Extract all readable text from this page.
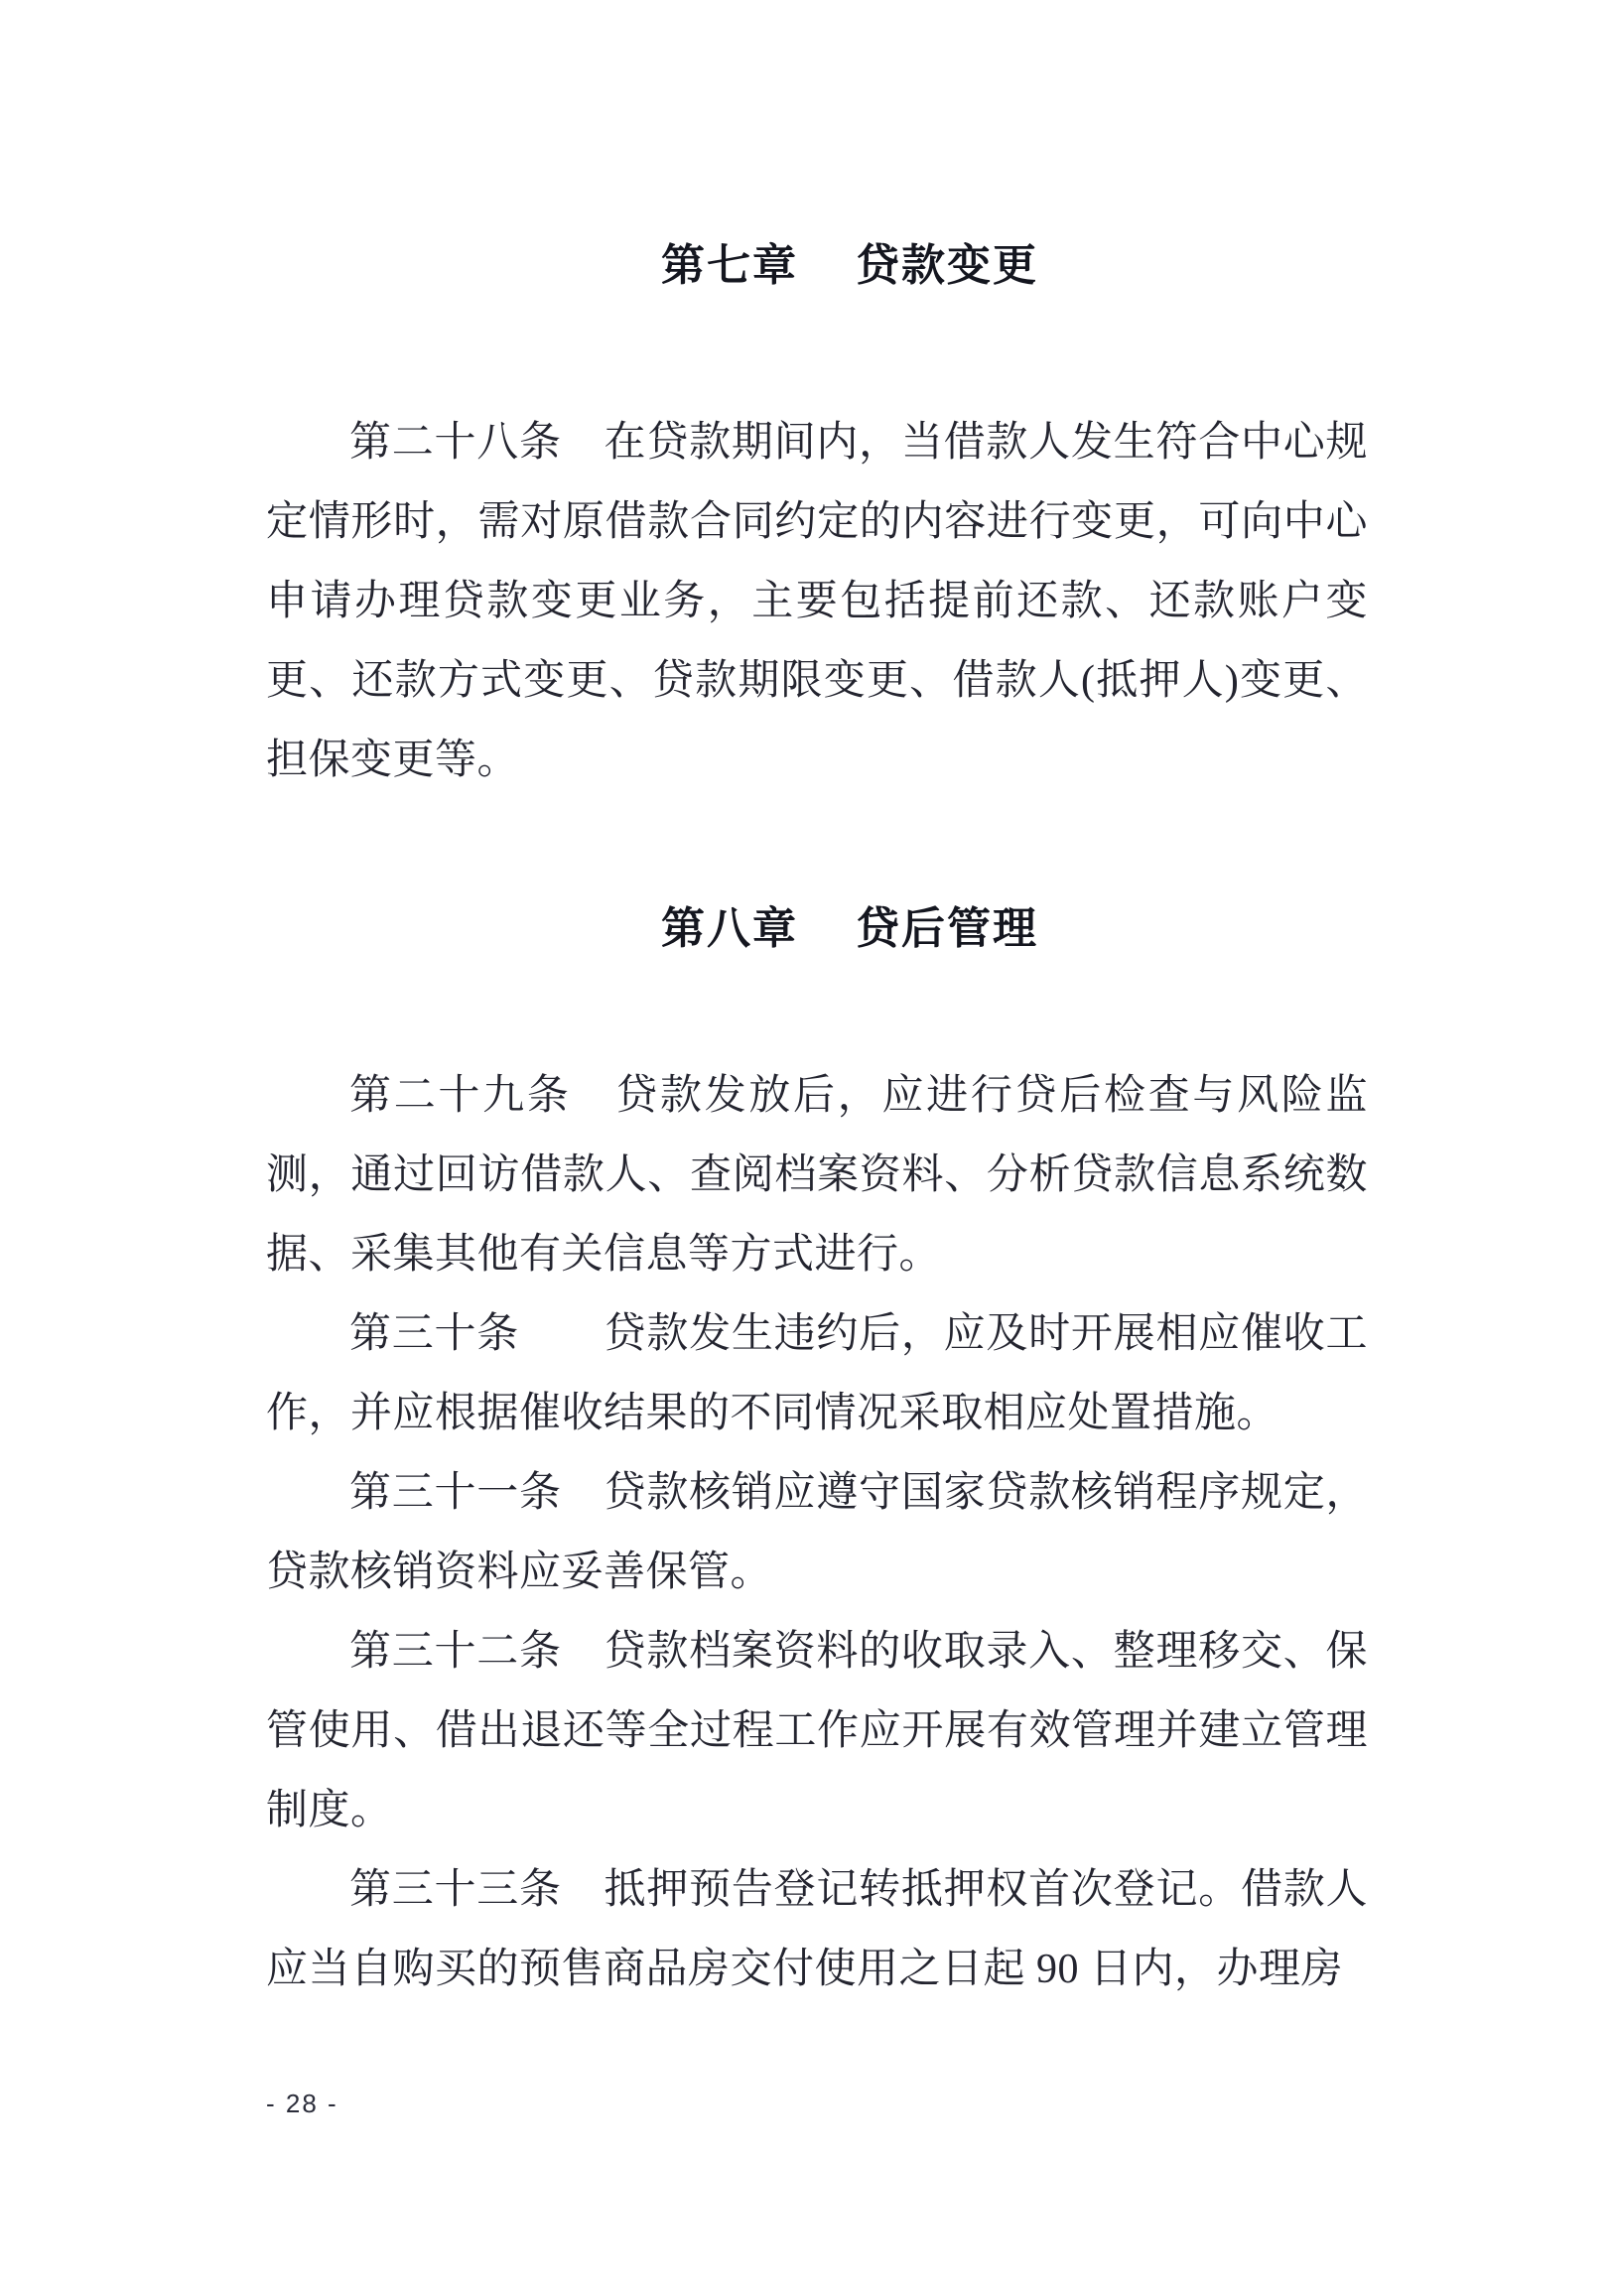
第七章 贷款变更

第二十八条　在贷款期间内，当借款人发生符合中心规定情形时，需对原借款合同约定的内容进行变更，可向中心申请办理贷款变更业务，主要包括提前还款、还款账户变更、还款方式变更、贷款期限变更、借款人(抵押人)变更、担保变更等。

第八章 贷后管理

第二十九条　贷款发放后，应进行贷后检查与风险监测，通过回访借款人、查阅档案资料、分析贷款信息系统数据、采集其他有关信息等方式进行。

第三十条　　贷款发生违约后，应及时开展相应催收工作，并应根据催收结果的不同情况采取相应处置措施。

第三十一条　贷款核销应遵守国家贷款核销程序规定，贷款核销资料应妥善保管。

第三十二条　贷款档案资料的收取录入、整理移交、保管使用、借出退还等全过程工作应开展有效管理并建立管理制度。

第三十三条　抵押预告登记转抵押权首次登记。借款人应当自购买的预售商品房交付使用之日起 90 日内，办理房

- 28 -
